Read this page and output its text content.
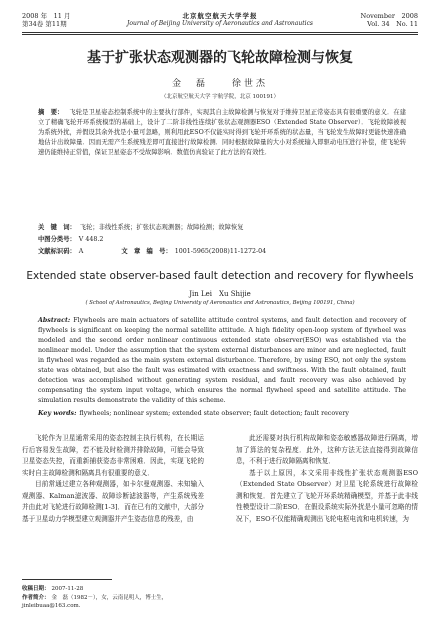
2008 年　11 月
第34卷 第11期
北京航空航天大学学报
Journal of Beijing University of Aeronautics and Astronautics
November　2008
Vol. 34　No. 11
基于扩张状态观测器的飞轮故障检测与恢复
金　磊　　徐世杰
（北京航空航天大学 宇航学院，北京 100191）
摘　要： 飞轮是卫星姿态控制系统中的主要执行部件，实现其自主故障检测与恢复对于维持卫星正常姿态具有很重要的意义．在建立了精确飞轮开环系统模型的基础上，设计了二阶非线性连续扩张状态观测器ESO（Extended State Observer）．飞轮故障被视为系统外扰，并假设其余外扰是小量可忽略，则利用此ESO不仅能实时得到飞轮开环系统的状态量，当飞轮发生故障时更能快速准确地估计出故障量．因而无需产生系统残差即可直接进行故障检测．同时根据故障量的大小对系统输入即驱动电压进行补偿，使飞轮转速仍能维持正常值，保证卫星姿态不受故障影响．数值仿真验证了此方法的有效性．
关　键　词： 飞轮；非线性系统；扩张状态观测器；故障检测；故障恢复
中图分类号： V 448.2
文献标识码： A	文　章　编　号： 1001-5965(2008)11-1272-04
Extended state observer-based fault detection and recovery for flywheels
Jin Lei　Xu Shijie
( School of Astronautics, Beijing University of Aeronautics and Astronautics, Beijing 100191, China)
Abstract: Flywheels are main actuators of satellite attitude control systems, and fault detection and recovery of flywheels is significant on keeping the normal satellite attitude. A high fidelity open-loop system of flywheel was modeled and the second order nonlinear continuous extended state observer(ESO) was established via the nonlinear model. Under the assumption that the system external disturbances are minor and are neglected, fault in flywheel was regarded as the main system external disturbance. Therefore, by using ESO, not only the system state was obtained, but also the fault was estimated with exactness and swiftness. With the fault obtained, fault detection was accomplished without generating system residual, and fault recovery was also achieved by compensating the system input voltage, which ensures the normal flywheel speed and satellite attitude. The simulation results demonstrate the validity of this scheme.
Key words: flywheels; nonlinear system; extended state observer; fault detection; fault recovery

飞轮作为卫星通常采用的姿态控制主执行机构，在长期运行后容易发生故障，若不能及时检测并排除故障，可能会导致卫星姿态失控，而重新捕获姿态非常困难．因此，实现飞轮的实时自主故障检测和隔离具有很重要的意义．

目前常通过建立各种观测器，如卡尔曼观测器、未知输入观测器、Kalman滤波器、故障诊断滤波器等，产生系统残差并由此对飞轮进行故障检测[1-3]．而在已有的文献中，大部分基于卫星动力学模型建立观测器并产生姿态信息的残差，由

此还需要对执行机构故障和姿态敏感器故障进行隔离，增加了算法的复杂程度．此外，这种方法无法直接得到故障信息，不利于进行故障隔离和恢复．

基于以上原因，本文采用非线性扩张状态观测器ESO（Extended State Observer）对卫星飞轮系统进行故障检测和恢复．首先建立了飞轮开环系统精确模型，并基于此非线性模型设计二阶ESO．在假设系统实际外扰是小量可忽略的情况下，ESO不仅能精确观测出飞轮电枢电流和电机转速，为

收稿日期： 2007-11-28
作者简介： 金　磊（1982－），女，云南昆明人，博士生，jinleibuaa@163.com.
